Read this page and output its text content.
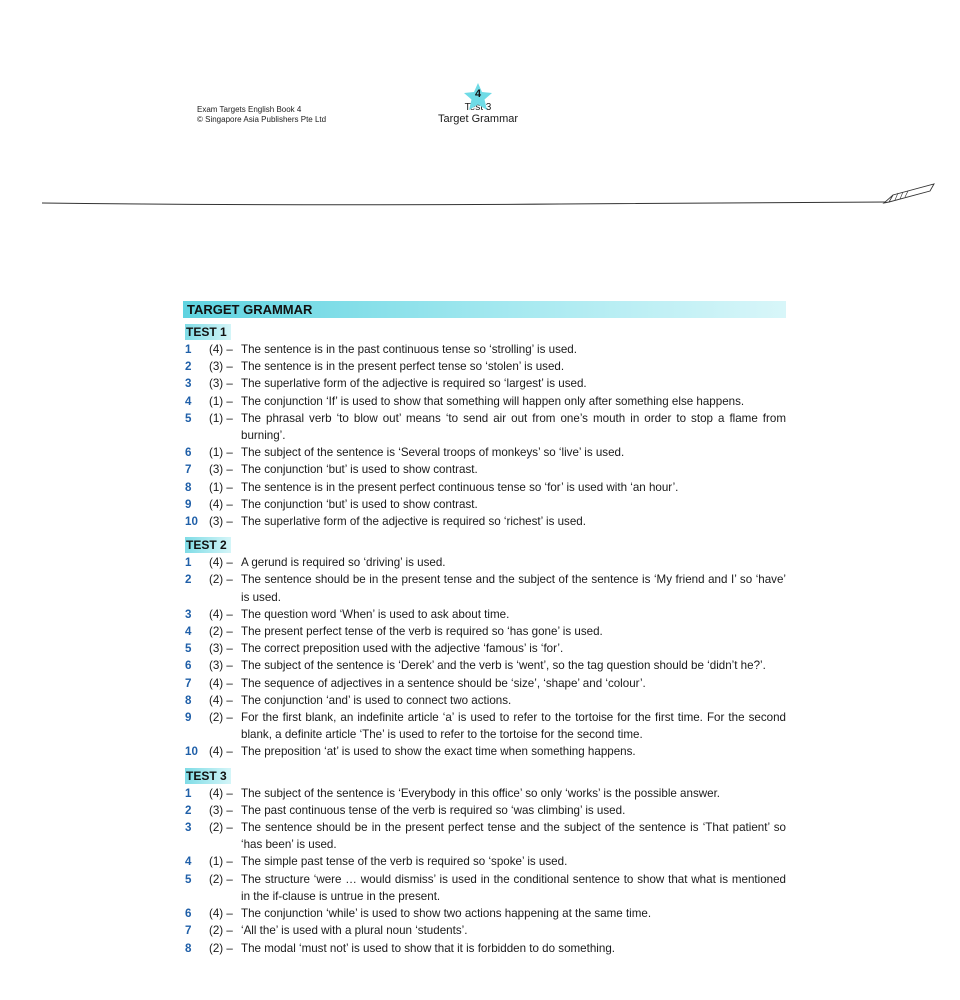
Exam Targets English Book 4
© Singapore Asia Publishers Pte Ltd
4
Test 3
Target Grammar
TARGET GRAMMAR
TEST 1
1	(4) – The sentence is in the past continuous tense so ‘strolling’ is used.
2	(3) – The sentence is in the present perfect tense so ‘stolen’ is used.
3	(3) – The superlative form of the adjective is required so ‘largest’ is used.
4	(1) – The conjunction ‘If’ is used to show that something will happen only after something else happens.
5	(1) – The phrasal verb ‘to blow out’ means ‘to send air out from one’s mouth in order to stop a flame from burning’.
6	(1) – The subject of the sentence is ‘Several troops of monkeys’ so ‘live’ is used.
7	(3) – The conjunction ‘but’ is used to show contrast.
8	(1) – The sentence is in the present perfect continuous tense so ‘for’ is used with ‘an hour’.
9	(4) – The conjunction ‘but’ is used to show contrast.
10 (3) – The superlative form of the adjective is required so ‘richest’ is used.
TEST 2
1	(4) – A gerund is required so ‘driving’ is used.
2	(2) – The sentence should be in the present tense and the subject of the sentence is ‘My friend and I’ so ‘have’ is used.
3	(4) – The question word ‘When’ is used to ask about time.
4	(2) – The present perfect tense of the verb is required so ‘has gone’ is used.
5	(3) – The correct preposition used with the adjective ‘famous’ is ‘for’.
6	(3) – The subject of the sentence is ‘Derek’ and the verb is ‘went’, so the tag question should be ‘didn’t he?’.
7	(4) – The sequence of adjectives in a sentence should be ‘size’, ‘shape’ and ‘colour’.
8	(4) – The conjunction ‘and’ is used to connect two actions.
9	(2) – For the first blank, an indefinite article ‘a’ is used to refer to the tortoise for the first time. For the second blank, a definite article ‘The’ is used to refer to the tortoise for the second time.
10 (4) – The preposition ‘at’ is used to show the exact time when something happens.
TEST 3
1	(4) – The subject of the sentence is ‘Everybody in this office’ so only ‘works’ is the possible answer.
2	(3) – The past continuous tense of the verb is required so ‘was climbing’ is used.
3	(2) – The sentence should be in the present perfect tense and the subject of the sentence is ‘That patient’ so ‘has been’ is used.
4	(1) – The simple past tense of the verb is required so ‘spoke’ is used.
5	(2) – The structure ‘were … would dismiss’ is used in the conditional sentence to show that what is mentioned in the if-clause is untrue in the present.
6	(4) – The conjunction ‘while’ is used to show two actions happening at the same time.
7	(2) – ‘All the’ is used with a plural noun ‘students’.
8	(2) – The modal ‘must not’ is used to show that it is forbidden to do something.
